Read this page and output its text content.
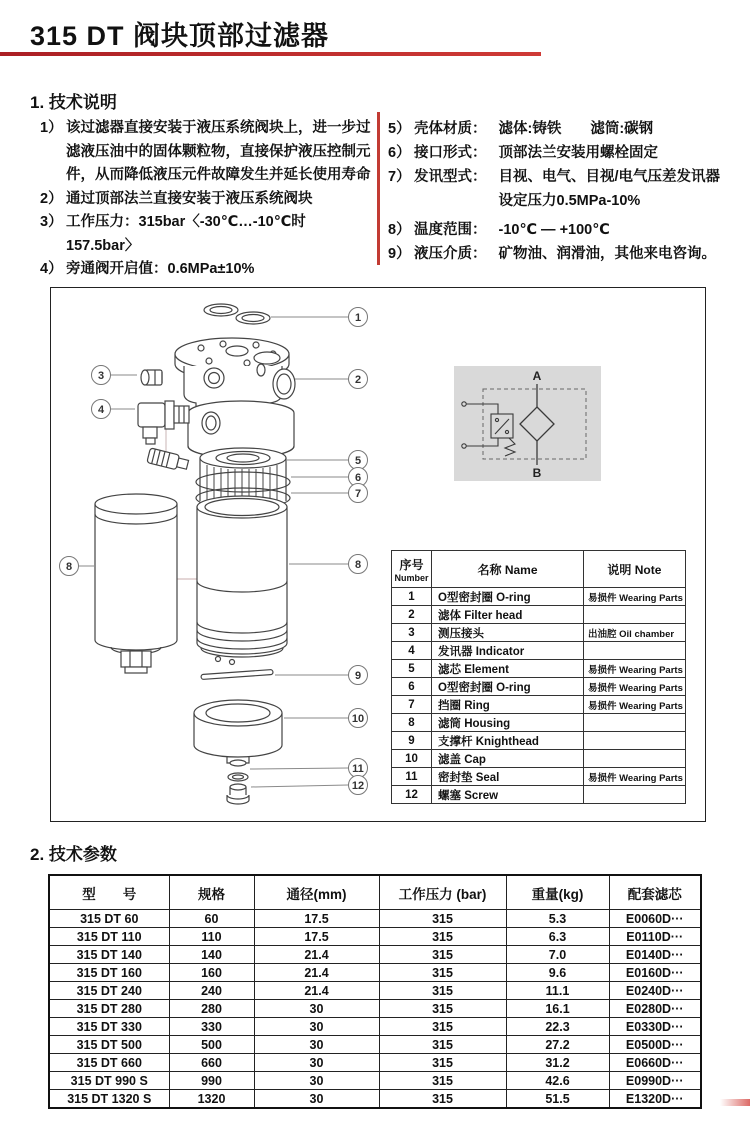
315 DT 阀块顶部过滤器
1. 技术说明
1） 该过滤器直接安装于液压系统阀块上，进一步过滤液压油中的固体颗粒物，直接保护液压控制元件，从而降低液压元件故障发生并延长使用寿命
2） 通过顶部法兰直接安装于液压系统阀块
3） 工作压力：315bar〈-30℃…-10℃时 157.5bar〉
4） 旁通阀开启值：0.6MPa±10%
5） 壳体材质： 滤体:铸铁　　滤筒:碳钢
6） 接口形式： 顶部法兰安装用螺栓固定
7） 发讯型式： 目视、电气、目视/电气压差发讯器
设定压力0.5MPa-10%
8） 温度范围： -10℃ — +100℃
9） 液压介质： 矿物油、润滑油，其他来电咨询。
1
2
3
4
5
6
7
8
8
9
10
11
12
A
B
序号
Number	名称 Name	说明 Note
1	O型密封圈 O-ring	易损件 Wearing Parts
2	滤体 Filter head	
3	测压接头	出油腔 Oil chamber
4	发讯器 Indicator	
5	滤芯 Element	易损件 Wearing Parts
6	O型密封圈 O-ring	易损件 Wearing Parts
7	挡圈 Ring	易损件 Wearing Parts
8	滤筒 Housing	
9	支撑杆 Knighthead	
10	滤盖 Cap	
11	密封垫 Seal	易损件 Wearing Parts
12	螺塞 Screw	
2. 技术参数
型　　号	规格	通径(mm)	工作压力 (bar)	重量(kg)	配套滤芯
315 DT 60	60	17.5	315	5.3	E0060D···
315 DT 110	110	17.5	315	6.3	E0110D···
315 DT 140	140	21.4	315	7.0	E0140D···
315 DT 160	160	21.4	315	9.6	E0160D···
315 DT 240	240	21.4	315	11.1	E0240D···
315 DT 280	280	30	315	16.1	E0280D···
315 DT 330	330	30	315	22.3	E0330D···
315 DT 500	500	30	315	27.2	E0500D···
315 DT 660	660	30	315	31.2	E0660D···
315 DT 990 S	990	30	315	42.6	E0990D···
315 DT 1320 S	1320	30	315	51.5	E1320D···
